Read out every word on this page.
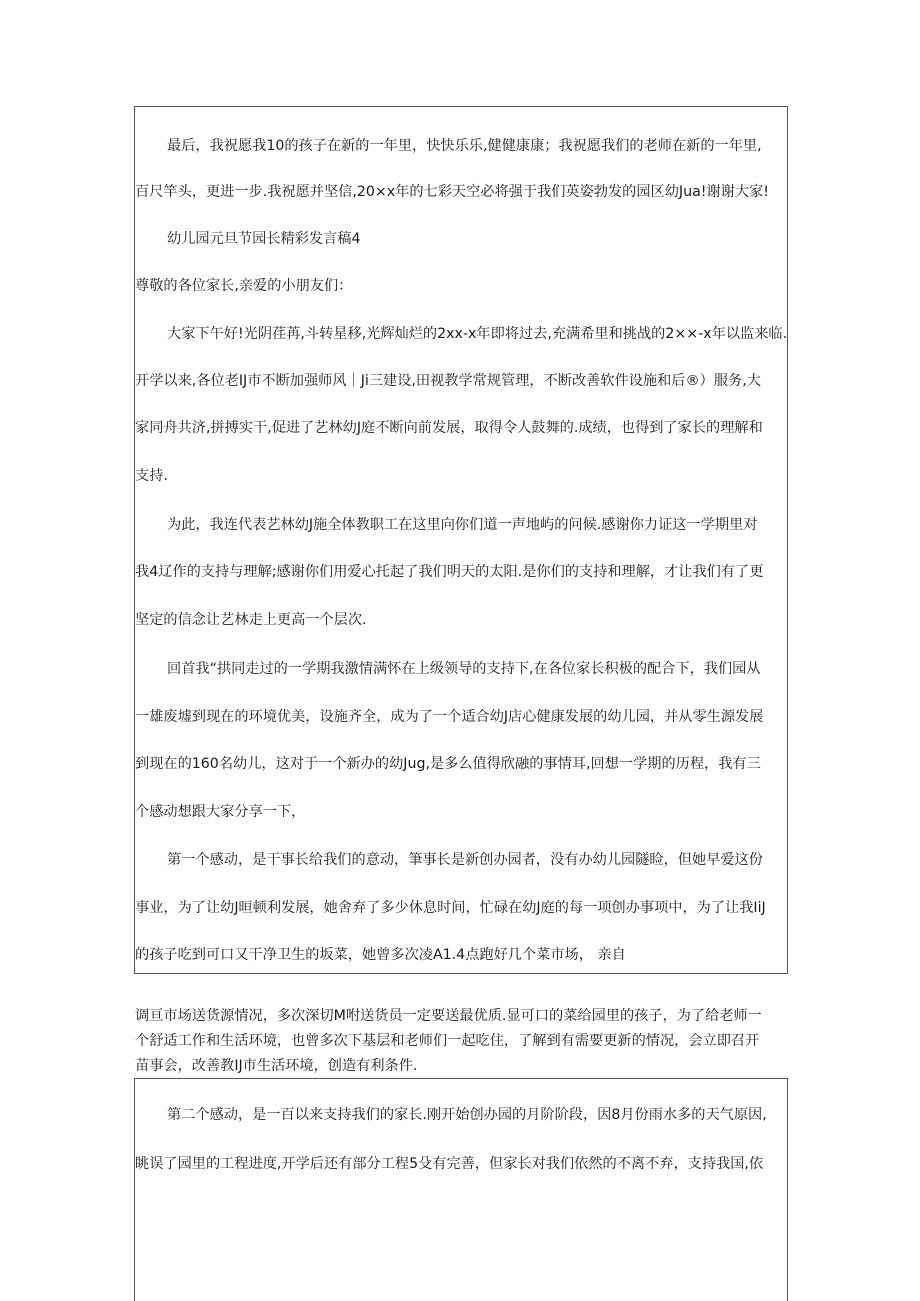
最后，我祝愿我10的孩子在新的一年里，快快乐乐,健健康康；我祝愿我们的老师在新的一年里,
百尺竿头，更进一步.我祝愿并坚信,20×x年的七彩天空必将强于我们英姿勃发的园区幼Jua!谢谢大家!
幼儿园元旦节园长精彩发言稿4
尊敬的各位家长,亲爱的小朋友们：
大家下午好!光阴荏苒,斗转星移,光辉灿烂的2xx-x年即将过去,充满希里和挑战的2××-x年以监来临.
开学以来,各位老IJ市不断加强师风｜Ji三建设,田视教学常规管理，不断改善软件设施和后®）服务,大
家同舟共济,拼搏实干,促进了艺林幼J庭不断向前发展，取得令人鼓舞的.成绩，也得到了家长的理解和
支持.
为此，我连代表艺林幼J施全体教职工在这里向你们道一声地屿的问候.感谢你力证这一学期里对
我4辽作的支持与理解;感谢你们用爱心托起了我们明天的太阳.是你们的支持和理解，才让我们有了更
坚定的信念让艺林走上更高一个层次.
回首我“拱同走过的一学期我激情满怀在上级领导的支持下,在各位家长积极的配合下，我们园从
一雄废墟到现在的环境优美，设施齐全，成为了一个适合幼J店心健康发展的幼儿园，并从零生源发展
到现在的160名幼儿，这对于一个新办的幼Jug,是多么值得欣融的事情耳,回想一学期的历程，我有三
个感动想跟大家分享一下，
第一个感动，是干事长给我们的意动，筆事长是新创办园者，没有办幼儿园隧睑，但她早爱这份
事业，为了让幼J晅顿利发展，她舍弃了多少休息时间，忙碌在幼J庭的每一项创办事项中，为了让我IiJ
的孩子吃到可口又干净卫生的坂菜，她曾多次凌A1.4点跑好几个菜市场， 亲自
调亘市场送货源情况，多次深切M咐送货员一定要送最优质.显可口的菜给园里的孩子，为了给老师一
个舒适工作和生活环境，也曾多次下基层和老师们一起吃住，了解到有需要更新的情况，会立即召开
苗事会，改善教IJ市生活环境，创造有利条件.
第二个感动，是一百以来支持我们的家长.刚开始创办园的月阶阶段，因8月份雨水多的天气原因,
眺误了园里的工程进度,开学后还有部分工程5殳有完善，但家长对我们依然的不离不弃，支持我国,依
